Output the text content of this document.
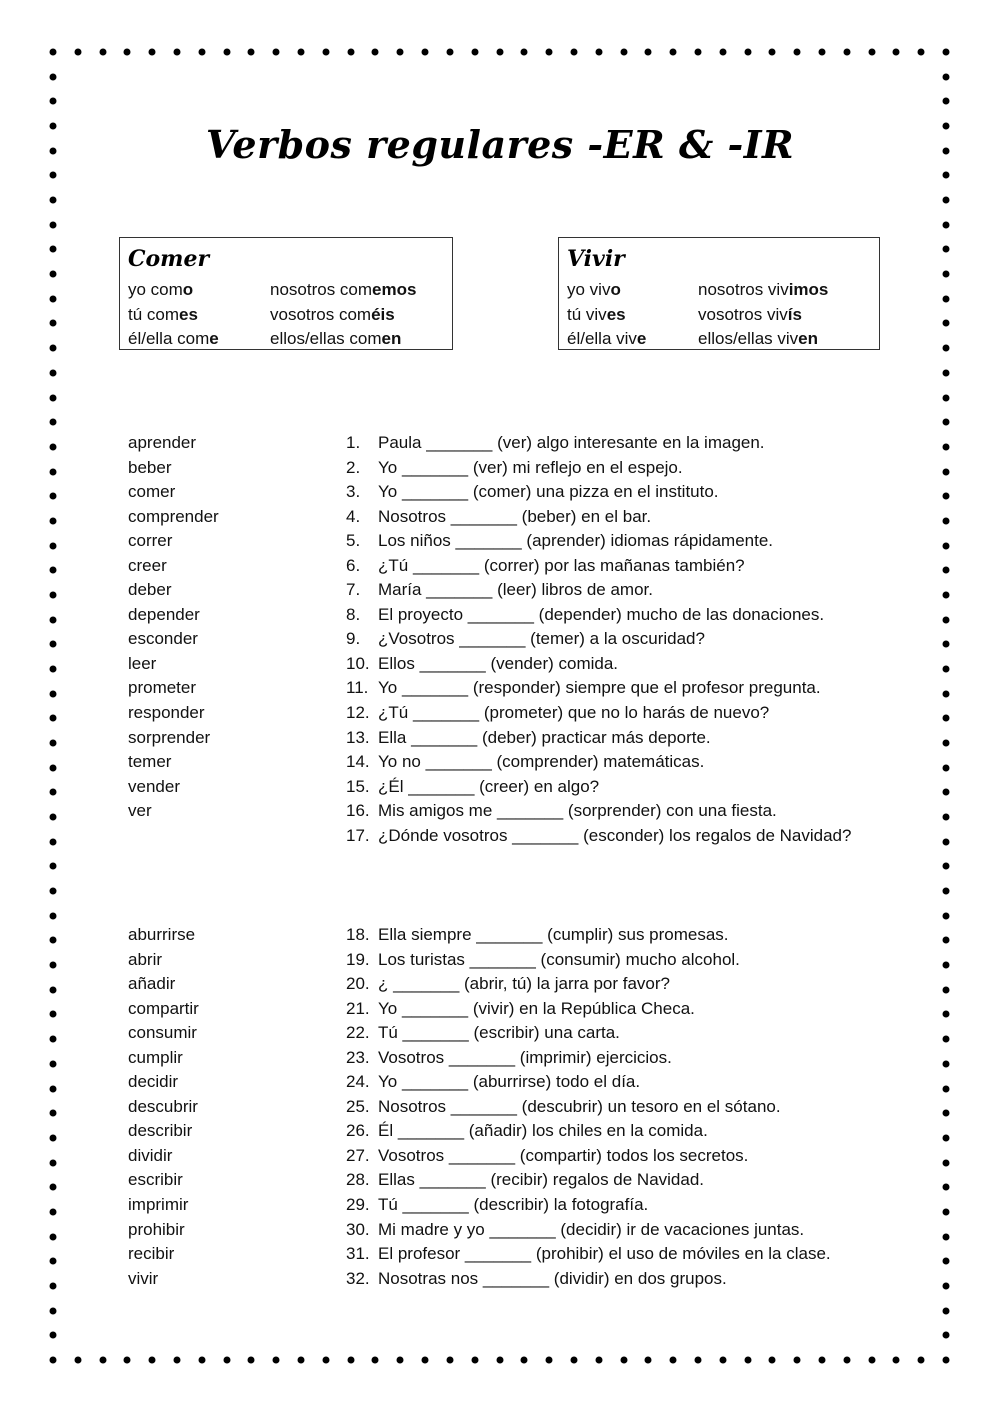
Verbos regulares -ER & -IR
Comer
yo como	nosotros comemos
tú comes	vosotros coméis
él/ella come	ellos/ellas comen
Vivir
yo vivo	nosotros vivimos
tú vives	vosotros vivís
él/ella vive	ellos/ellas viven
aprender
beber
comer
comprender
correr
creer
deber
depender
esconder
leer
prometer
responder
sorprender
temer
vender
ver
1.	Paula _______ (ver) algo interesante en la imagen.
2.	Yo _______ (ver) mi reflejo en el espejo.
3.	Yo _______ (comer) una pizza en el instituto.
4.	Nosotros _______ (beber) en el bar.
5.	Los niños _______ (aprender) idiomas rápidamente.
6.	¿Tú _______ (correr) por las mañanas también?
7.	María _______ (leer) libros de amor.
8.	El proyecto _______ (depender) mucho de las donaciones.
9.	¿Vosotros _______ (temer) a la oscuridad?
10. Ellos _______ (vender) comida.
11. Yo _______ (responder) siempre que el profesor pregunta.
12. ¿Tú _______ (prometer) que no lo harás de nuevo?
13. Ella _______ (deber) practicar más deporte.
14. Yo no _______ (comprender) matemáticas.
15. ¿Él _______ (creer) en algo?
16. Mis amigos me _______ (sorprender) con una fiesta.
17. ¿Dónde vosotros _______ (esconder) los regalos de Navidad?
aburrirse
abrir
añadir
compartir
consumir
cumplir
decidir
descubrir
describir
dividir
escribir
imprimir
prohibir
recibir
vivir
18. Ella siempre _______ (cumplir) sus promesas.
19. Los turistas _______ (consumir) mucho alcohol.
20. ¿ _______ (abrir, tú) la jarra por favor?
21. Yo _______ (vivir) en la República Checa.
22. Tú _______ (escribir) una carta.
23. Vosotros _______ (imprimir) ejercicios.
24. Yo _______ (aburrirse) todo el día.
25. Nosotros _______ (descubrir) un tesoro en el sótano.
26. Él _______ (añadir) los chiles en la comida.
27. Vosotros _______ (compartir) todos los secretos.
28. Ellas _______ (recibir) regalos de Navidad.
29. Tú _______ (describir) la fotografía.
30. Mi madre y yo _______ (decidir) ir de vacaciones juntas.
31. El profesor _______ (prohibir) el uso de móviles en la clase.
32. Nosotras nos _______ (dividir) en dos grupos.
